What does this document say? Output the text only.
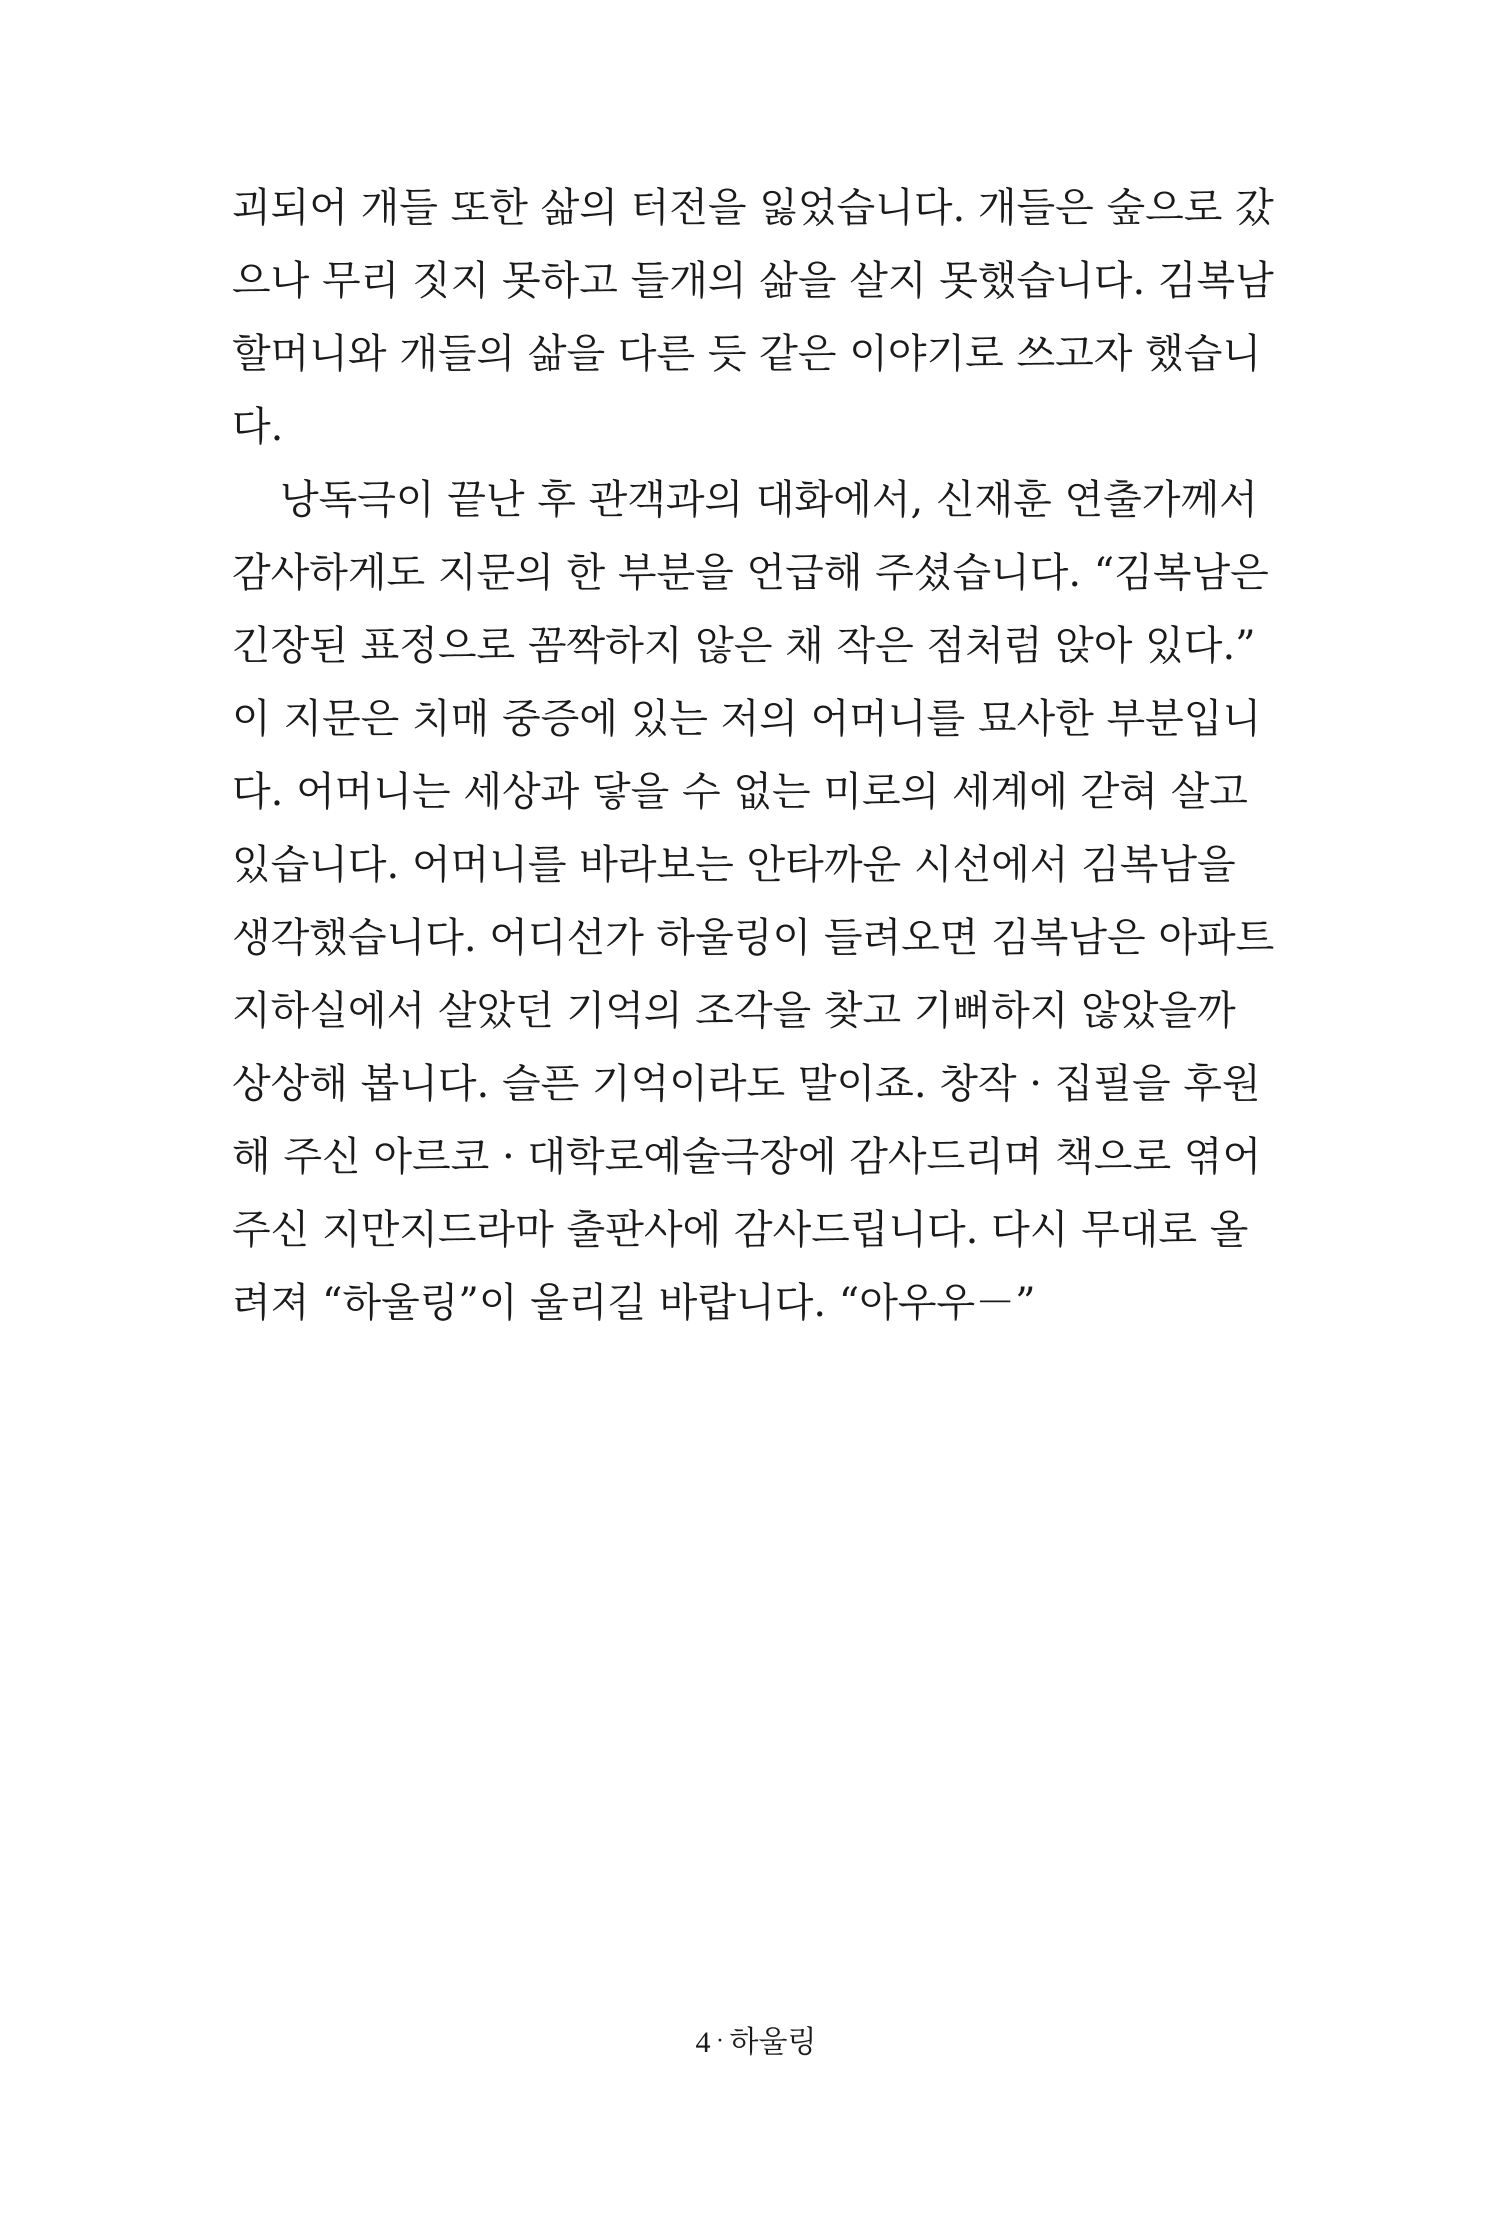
괴되어 개들 또한 삶의 터전을 잃었습니다. 개들은 숲으로 갔
으나 무리 짓지 못하고 들개의 삶을 살지 못했습니다. 김복남
할머니와 개들의 삶을 다른 듯 같은 이야기로 쓰고자 했습니
다.
낭독극이 끝난 후 관객과의 대화에서, 신재훈 연출가께서
감사하게도 지문의 한 부분을 언급해 주셨습니다. “김복남은
긴장된 표정으로 꼼짝하지 않은 채 작은 점처럼 앉아 있다.”
이 지문은 치매 중증에 있는 저의 어머니를 묘사한 부분입니
다. 어머니는 세상과 닿을 수 없는 미로의 세계에 갇혀 살고
있습니다. 어머니를 바라보는 안타까운 시선에서 김복남을
생각했습니다. 어디선가 하울링이 들려오면 김복남은 아파트
지하실에서 살았던 기억의 조각을 찾고 기뻐하지 않았을까
상상해 봅니다. 슬픈 기억이라도 말이죠. 창작 · 집필을 후원
해 주신 아르코 · 대학로예술극장에 감사드리며 책으로 엮어
주신 지만지드라마 출판사에 감사드립니다. 다시 무대로 올
려져 “하울링”이 울리길 바랍니다. “아우우－”
4 · 하울링
